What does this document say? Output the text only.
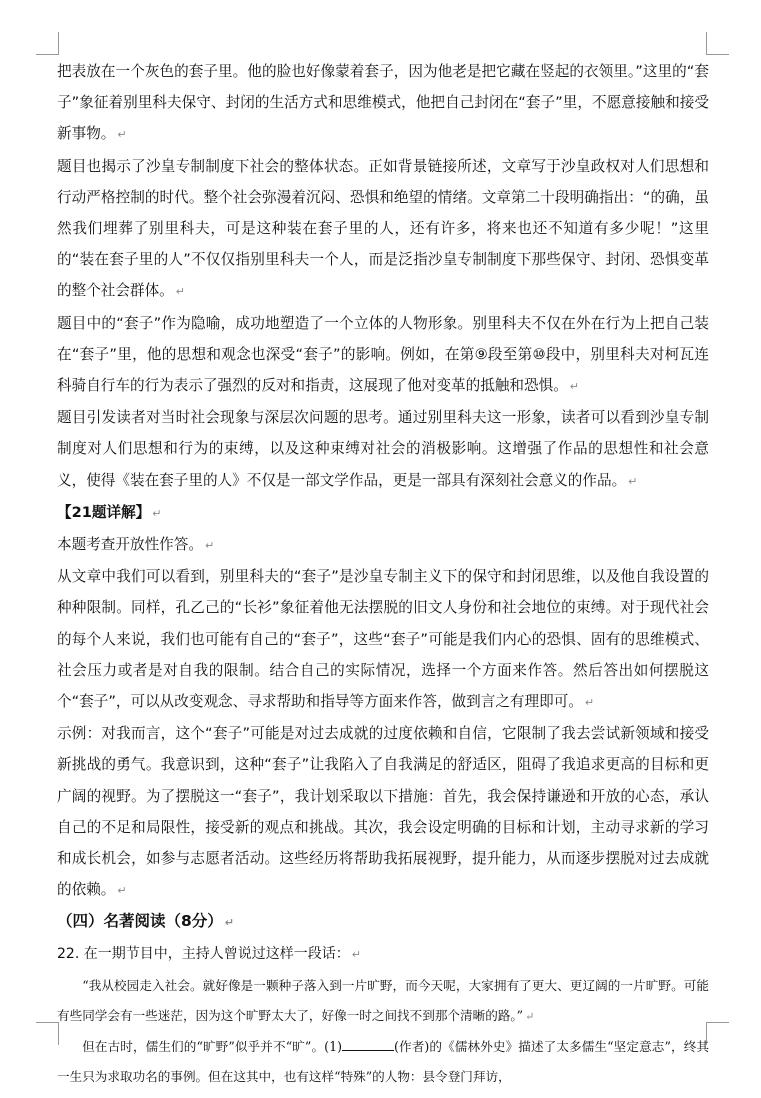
把表放在一个灰色的套子里。他的脸也好像蒙着套子，因为他老是把它藏在竖起的衣领里。”这里的“套子”象征着别里科夫保守、封闭的生活方式和思维模式，他把自己封闭在“套子”里，不愿意接触和接受新事物。 ↵

题目也揭示了沙皇专制制度下社会的整体状态。正如背景链接所述，文章写于沙皇政权对人们思想和行动严格控制的时代。整个社会弥漫着沉闷、恐惧和绝望的情绪。文章第二十段明确指出：“的确，虽然我们埋葬了别里科夫，可是这种装在套子里的人，还有许多，将来也还不知道有多少呢！”这里的“装在套子里的人”不仅仅指别里科夫一个人，而是泛指沙皇专制制度下那些保守、封闭、恐惧变革的整个社会群体。 ↵

题目中的“套子”作为隐喻，成功地塑造了一个立体的人物形象。别里科夫不仅在外在行为上把自己装在“套子”里，他的思想和观念也深受“套子”的影响。例如，在第⑨段至第⑩段中，别里科夫对柯瓦连科骑自行车的行为表示了强烈的反对和指责，这展现了他对变革的抵触和恐惧。 ↵

题目引发读者对当时社会现象与深层次问题的思考。通过别里科夫这一形象，读者可以看到沙皇专制制度对人们思想和行为的束缚，以及这种束缚对社会的消极影响。这增强了作品的思想性和社会意义，使得《装在套子里的人》不仅是一部文学作品，更是一部具有深刻社会意义的作品。 ↵

【21题详解】 ↵

本题考查开放性作答。 ↵

从文章中我们可以看到，别里科夫的“套子”是沙皇专制主义下的保守和封闭思维，以及他自我设置的种种限制。同样，孔乙己的“长衫”象征着他无法摆脱的旧文人身份和社会地位的束缚。对于现代社会的每个人来说，我们也可能有自己的“套子”，这些“套子”可能是我们内心的恐惧、固有的思维模式、社会压力或者是对自我的限制。结合自己的实际情况，选择一个方面来作答。然后答出如何摆脱这个“套子”，可以从改变观念、寻求帮助和指导等方面来作答，做到言之有理即可。 ↵

示例：对我而言，这个“套子”可能是对过去成就的过度依赖和自信，它限制了我去尝试新领域和接受新挑战的勇气。我意识到，这种“套子”让我陷入了自我满足的舒适区，阻碍了我追求更高的目标和更广阔的视野。为了摆脱这一“套子”，我计划采取以下措施：首先，我会保持谦逊和开放的心态，承认自己的不足和局限性，接受新的观点和挑战。其次，我会设定明确的目标和计划，主动寻求新的学习和成长机会，如参与志愿者活动。这些经历将帮助我拓展视野，提升能力，从而逐步摆脱对过去成就的依赖。 ↵

（四）名著阅读（8分） ↵

22. 在一期节目中，主持人曾说过这样一段话： ↵

“我从校园走入社会。就好像是一颗种子落入到一片旷野，而今天呢，大家拥有了更大、更辽阔的一片旷野。可能有些同学会有一些迷茫，因为这个旷野太大了，好像一时之间找不到那个清晰的路。” ↵

但在古时，儒生们的“旷野”似乎并不“旷”。(1)	(作者)的《儒林外史》描述了太多儒生“坚定意志”，终其一生只为求取功名的事例。但在这其中，也有这样“特殊”的人物：县令登门拜访，
